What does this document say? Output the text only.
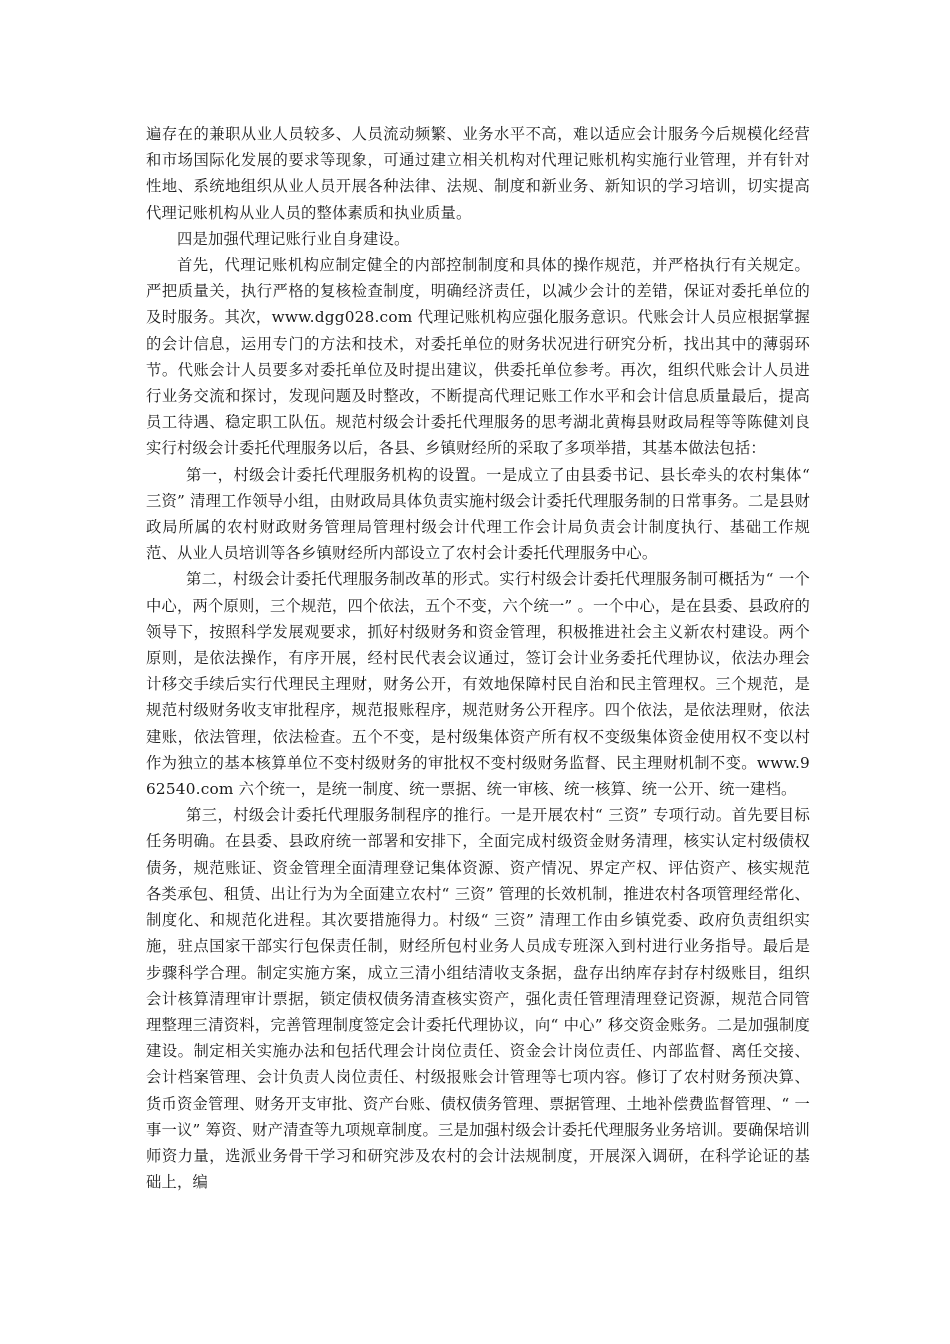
遍存在的兼职从业人员较多、人员流动频繁、业务水平不高，难以适应会计服务今后规模化经营和市场国际化发展的要求等现象，可通过建立相关机构对代理记账机构实施行业管理，并有针对性地、系统地组织从业人员开展各种法律、法规、制度和新业务、新知识的学习培训，切实提高代理记账机构从业人员的整体素质和执业质量。

四是加强代理记账行业自身建设。

首先，代理记账机构应制定健全的内部控制制度和具体的操作规范，并严格执行有关规定。严把质量关，执行严格的复核检查制度，明确经济责任，以减少会计的差错，保证对委托单位的及时服务。其次，www.dgg028.com 代理记账机构应强化服务意识。代账会计人员应根据掌握的会计信息，运用专门的方法和技术，对委托单位的财务状况进行研究分析，找出其中的薄弱环节。代账会计人员要多对委托单位及时提出建议，供委托单位参考。再次，组织代账会计人员进行业务交流和探讨，发现问题及时整改，不断提高代理记账工作水平和会计信息质量最后，提高员工待遇、稳定职工队伍。规范村级会计委托代理服务的思考湖北黄梅县财政局程等等陈健刘良实行村级会计委托代理服务以后，各县、乡镇财经所的采取了多项举措，其基本做法包括：

第一，村级会计委托代理服务机构的设置。一是成立了由县委书记、县长牵头的农村集体“ 三资” 清理工作领导小组，由财政局具体负责实施村级会计委托代理服务制的日常事务。二是县财政局所属的农村财政财务管理局管理村级会计代理工作会计局负责会计制度执行、基础工作规范、从业人员培训等各乡镇财经所内部设立了农村会计委托代理服务中心。

第二，村级会计委托代理服务制改革的形式。实行村级会计委托代理服务制可概括为“ 一个中心，两个原则，三个规范，四个依法，五个不变，六个统一” 。一个中心，是在县委、县政府的领导下，按照科学发展观要求，抓好村级财务和资金管理，积极推进社会主义新农村建设。两个原则，是依法操作，有序开展，经村民代表会议通过，签订会计业务委托代理协议，依法办理会计移交手续后实行代理民主理财，财务公开，有效地保障村民自治和民主管理权。三个规范，是规范村级财务收支审批程序，规范报账程序，规范财务公开程序。四个依法，是依法理财，依法建账，依法管理，依法检查。五个不变，是村级集体资产所有权不变级集体资金使用权不变以村作为独立的基本核算单位不变村级财务的审批权不变村级财务监督、民主理财机制不变。www.962540.com 六个统一，是统一制度、统一票据、统一审核、统一核算、统一公开、统一建档。

第三，村级会计委托代理服务制程序的推行。一是开展农村“ 三资” 专项行动。首先要目标任务明确。在县委、县政府统一部署和安排下，全面完成村级资金财务清理，核实认定村级债权债务，规范账证、资金管理全面清理登记集体资源、资产情况、界定产权、评估资产、核实规范各类承包、租赁、出让行为为全面建立农村“ 三资” 管理的长效机制，推进农村各项管理经常化、制度化、和规范化进程。其次要措施得力。村级“ 三资” 清理工作由乡镇党委、政府负责组织实施，驻点国家干部实行包保责任制，财经所包村业务人员成专班深入到村进行业务指导。最后是步骤科学合理。制定实施方案，成立三清小组结清收支条据，盘存出纳库存封存村级账目，组织会计核算清理审计票据，锁定债权债务清查核实资产，强化责任管理清理登记资源，规范合同管理整理三清资料，完善管理制度签定会计委托代理协议，向“ 中心” 移交资金账务。二是加强制度建设。制定相关实施办法和包括代理会计岗位责任、资金会计岗位责任、内部监督、离任交接、会计档案管理、会计负责人岗位责任、村级报账会计管理等七项内容。修订了农村财务预决算、货币资金管理、财务开支审批、资产台账、债权债务管理、票据管理、土地补偿费监督管理、“ 一事一议” 筹资、财产清查等九项规章制度。三是加强村级会计委托代理服务业务培训。要确保培训师资力量，选派业务骨干学习和研究涉及农村的会计法规制度，开展深入调研，在科学论证的基础上，编
